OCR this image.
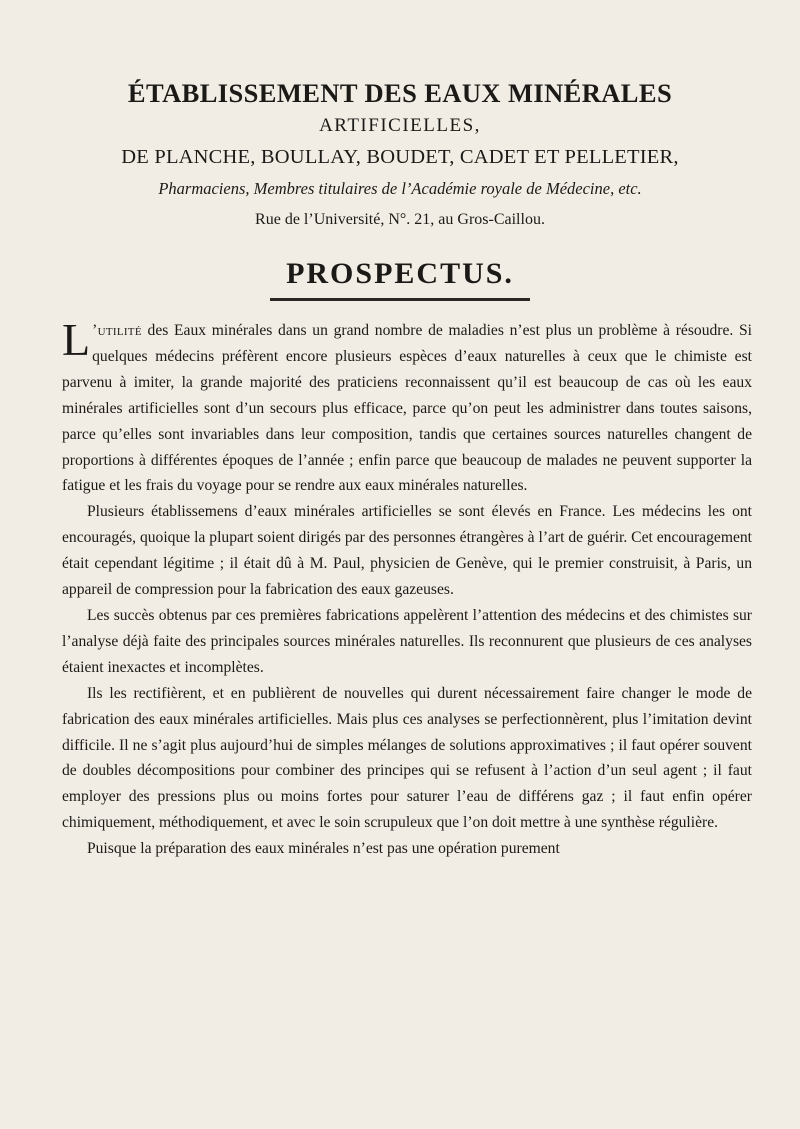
ÉTABLISSEMENT DES EAUX MINÉRALES
ARTIFICIELLES,
DE PLANCHE, BOULLAY, BOUDET, CADET ET PELLETIER,
Pharmaciens, Membres titulaires de l’Académie royale de Médecine, etc.
Rue de l’Université, N°. 21, au Gros-Caillou.
PROSPECTUS.

L ’utilité des Eaux minérales dans un grand nombre de maladies n’est plus un problème à résoudre. Si quelques médecins préfèrent encore plusieurs espèces d’eaux naturelles à ceux que le chimiste est parvenu à imiter, la grande majorité des praticiens reconnaissent qu’il est beaucoup de cas où les eaux minérales artificielles sont d’un secours plus efficace, parce qu’on peut les administrer dans toutes saisons, parce qu’elles sont invariables dans leur composition, tandis que certaines sources naturelles changent de proportions à différentes époques de l’année ; enfin parce que beaucoup de malades ne peuvent supporter la fatigue et les frais du voyage pour se rendre aux eaux minérales naturelles.

Plusieurs établissemens d’eaux minérales artificielles se sont élevés en France. Les médecins les ont encouragés, quoique la plupart soient dirigés par des personnes étrangères à l’art de guérir. Cet encouragement était cependant légitime ; il était dû à M. Paul, physicien de Genève, qui le premier construisit, à Paris, un appareil de compression pour la fabrication des eaux gazeuses.

Les succès obtenus par ces premières fabrications appelèrent l’attention des médecins et des chimistes sur l’analyse déjà faite des principales sources minérales naturelles. Ils reconnurent que plusieurs de ces analyses étaient inexactes et incomplètes.

Ils les rectifièrent, et en publièrent de nouvelles qui durent nécessairement faire changer le mode de fabrication des eaux minérales artificielles. Mais plus ces analyses se perfectionnèrent, plus l’imitation devint difficile. Il ne s’agit plus aujourd’hui de simples mélanges de solutions approximatives ; il faut opérer souvent de doubles décompositions pour combiner des principes qui se refusent à l’action d’un seul agent ; il faut employer des pressions plus ou moins fortes pour saturer l’eau de différens gaz ; il faut enfin opérer chimiquement, méthodiquement, et avec le soin scrupuleux que l’on doit mettre à une synthèse régulière.

Puisque la préparation des eaux minérales n’est pas une opération purement
